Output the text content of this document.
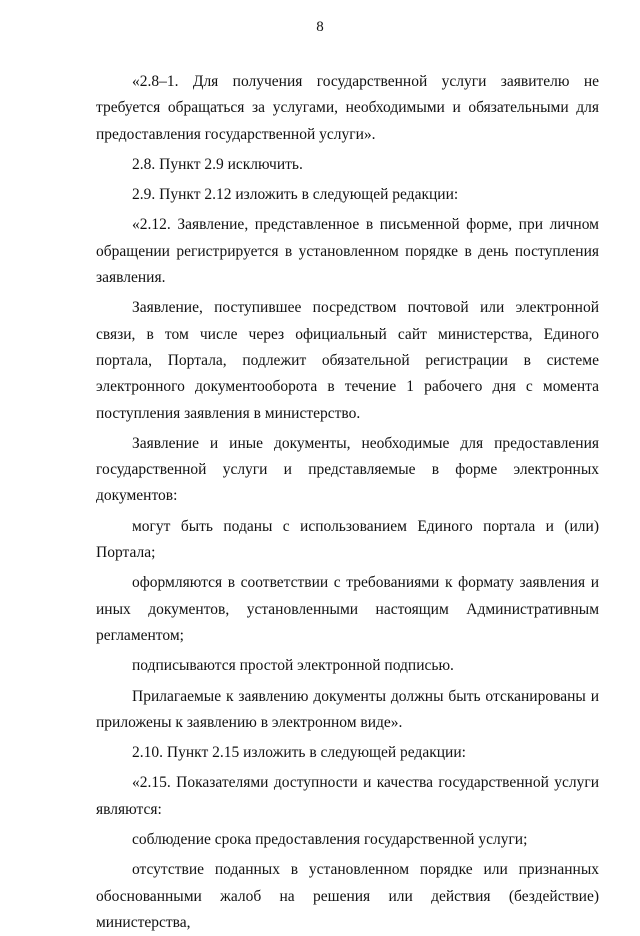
8

«2.8–1. Для получения государственной услуги заявителю не требуется обращаться за услугами, необходимыми и обязательными для предоставления государственной услуги».

2.8. Пункт 2.9 исключить.

2.9. Пункт 2.12 изложить в следующей редакции:

«2.12. Заявление, представленное в письменной форме, при личном обращении регистрируется в установленном порядке в день поступления заявления.

Заявление, поступившее посредством почтовой или электронной связи, в том числе через официальный сайт министерства, Единого портала, Портала, подлежит обязательной регистрации в системе электронного документооборота в течение 1 рабочего дня с момента поступления заявления в министерство.

Заявление и иные документы, необходимые для предоставления государственной услуги и представляемые в форме электронных документов:

могут быть поданы с использованием Единого портала и (или) Портала;

оформляются в соответствии с требованиями к формату заявления и иных документов, установленными настоящим Административным регламентом;

подписываются простой электронной подписью.

Прилагаемые к заявлению документы должны быть отсканированы и приложены к заявлению в электронном виде».

2.10. Пункт 2.15 изложить в следующей редакции:

«2.15. Показателями доступности и качества государственной услуги являются:

соблюдение срока предоставления государственной услуги;

отсутствие поданных в установленном порядке или признанных обоснованными жалоб на решения или действия (бездействие) министерства,
